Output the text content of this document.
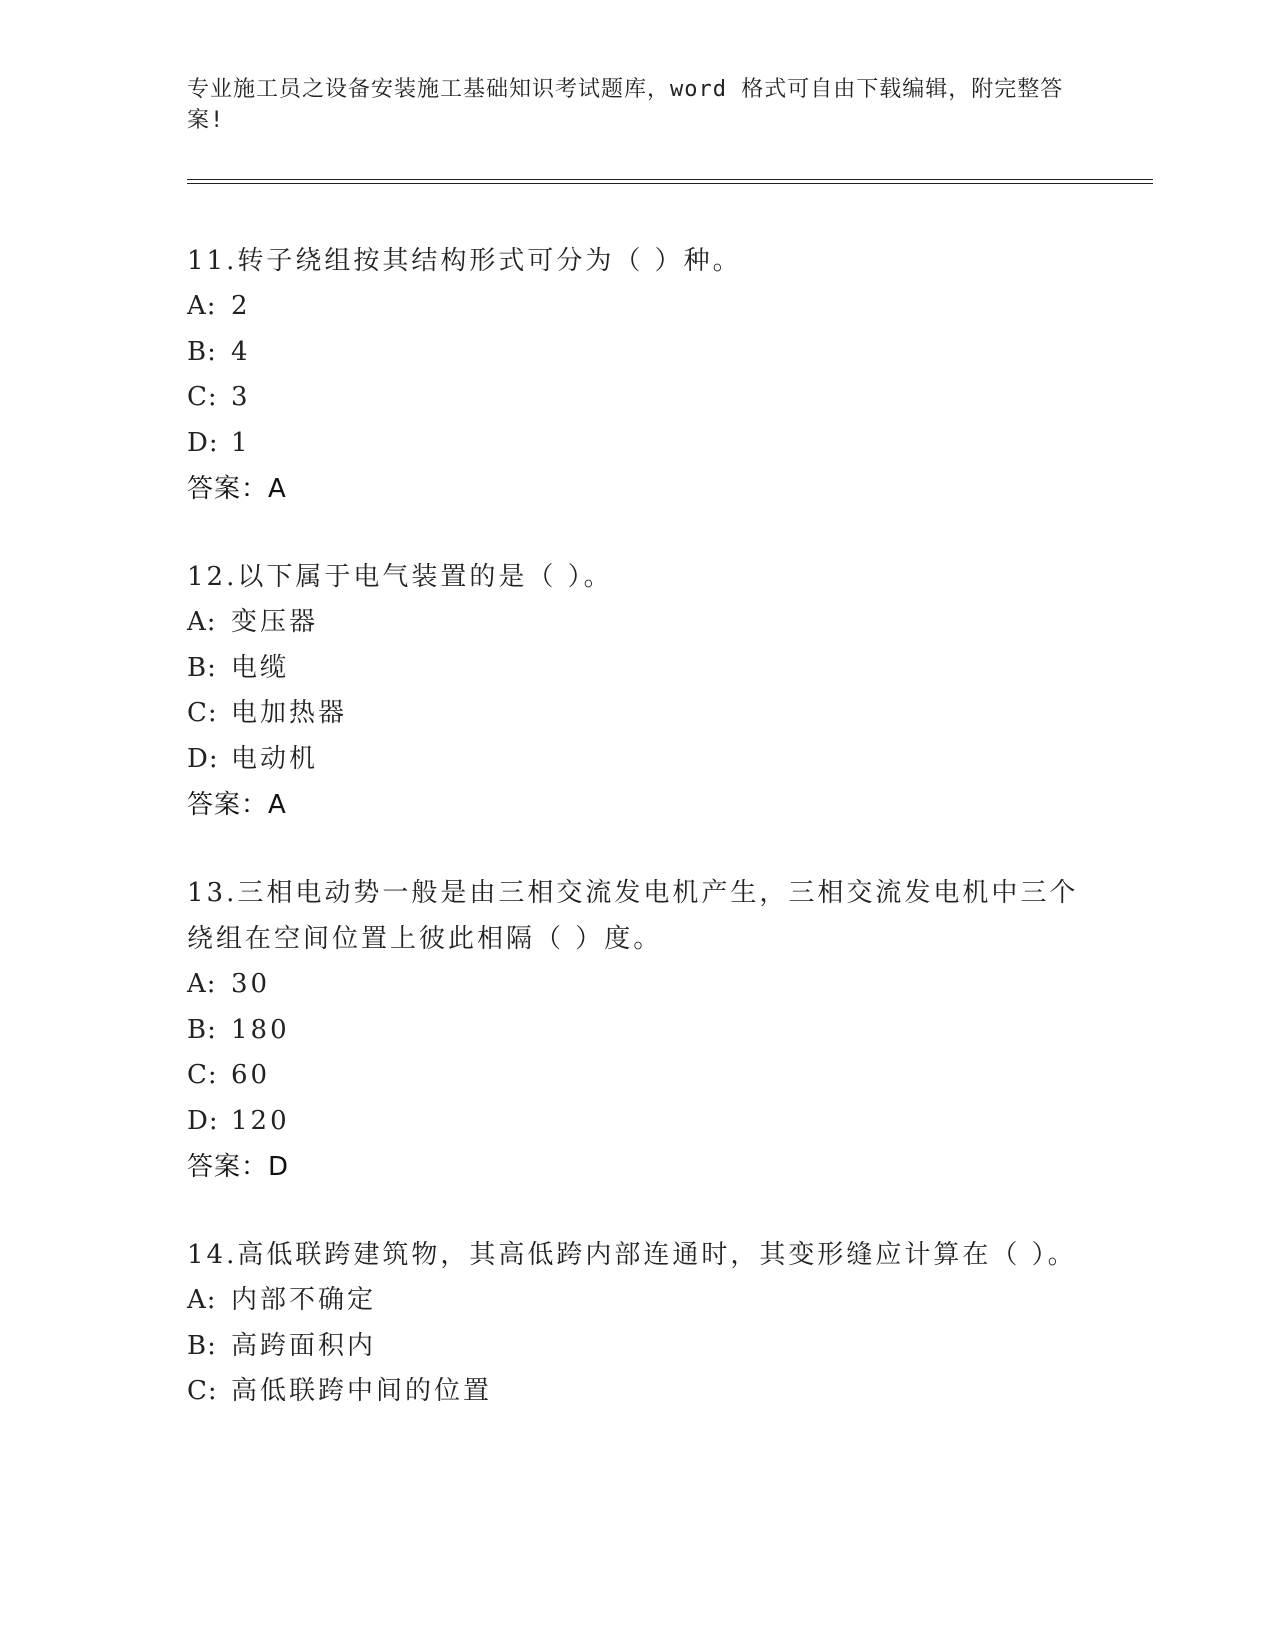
专业施工员之设备安装施工基础知识考试题库，word 格式可自由下载编辑，附完整答案!
11.转子绕组按其结构形式可分为（ ）种。
A: 2
B: 4
C: 3
D: 1
答案：A
12.以下属于电气装置的是（ ）。
A: 变压器
B: 电缆
C: 电加热器
D: 电动机
答案：A
13.三相电动势一般是由三相交流发电机产生，三相交流发电机中三个绕组在空间位置上彼此相隔（ ）度。
A: 30
B: 180
C: 60
D: 120
答案：D
14.高低联跨建筑物，其高低跨内部连通时，其变形缝应计算在（ ）。
A: 内部不确定
B: 高跨面积内
C: 高低联跨中间的位置
